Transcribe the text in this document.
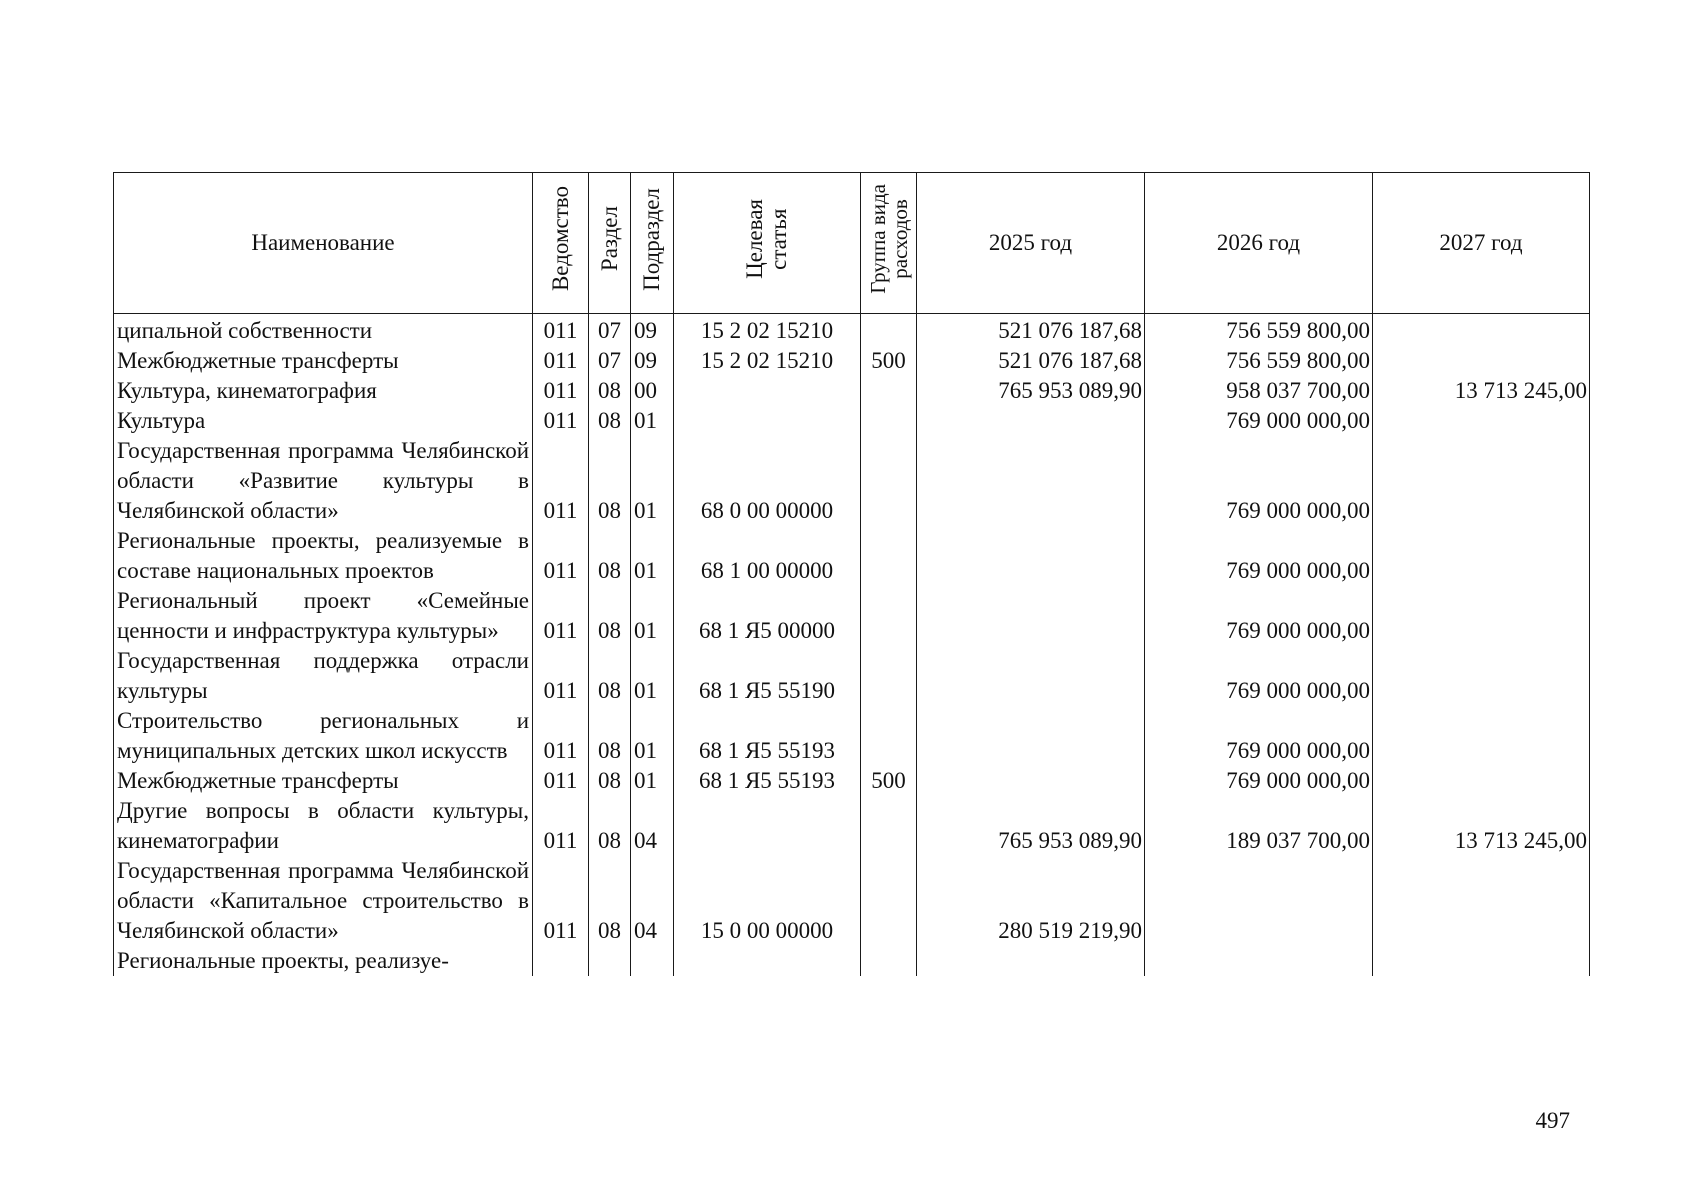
Наименование	Ведомство	Раздел	Подраздел	Целевая
статья	Группа вида
расходов	2025 год	2026 год	2027 год
ципальной собственности	011	07	09	15 2 02 15210		521 076 187,68	756 559 800,00	
Межбюджетные трансферты	011	07	09	15 2 02 15210	500	521 076 187,68	756 559 800,00	
Культура, кинематография	011	08	00			765 953 089,90	958 037 700,00	13 713 245,00
Культура	011	08	01				769 000 000,00	
Государственная программа Челябинской области «Развитие культуры в Челябинской области»	011	08	01	68 0 00 00000			769 000 000,00	
Региональные проекты, реализуемые в составе национальных проектов	011	08	01	68 1 00 00000			769 000 000,00	
Региональный проект «Семейные ценности и инфраструктура культуры»	011	08	01	68 1 Я5 00000			769 000 000,00	
Государственная поддержка отрасли культуры	011	08	01	68 1 Я5 55190			769 000 000,00	
Строительство региональных и муниципальных детских школ искусств	011	08	01	68 1 Я5 55193			769 000 000,00	
Межбюджетные трансферты	011	08	01	68 1 Я5 55193	500		769 000 000,00	
Другие вопросы в области культуры, кинематографии	011	08	04			765 953 089,90	189 037 700,00	13 713 245,00
Государственная программа Челябинской области «Капитальное строительство в Челябинской области»	011	08	04	15 0 00 00000		280 519 219,90		
Региональные проекты, реализуе-								
497
